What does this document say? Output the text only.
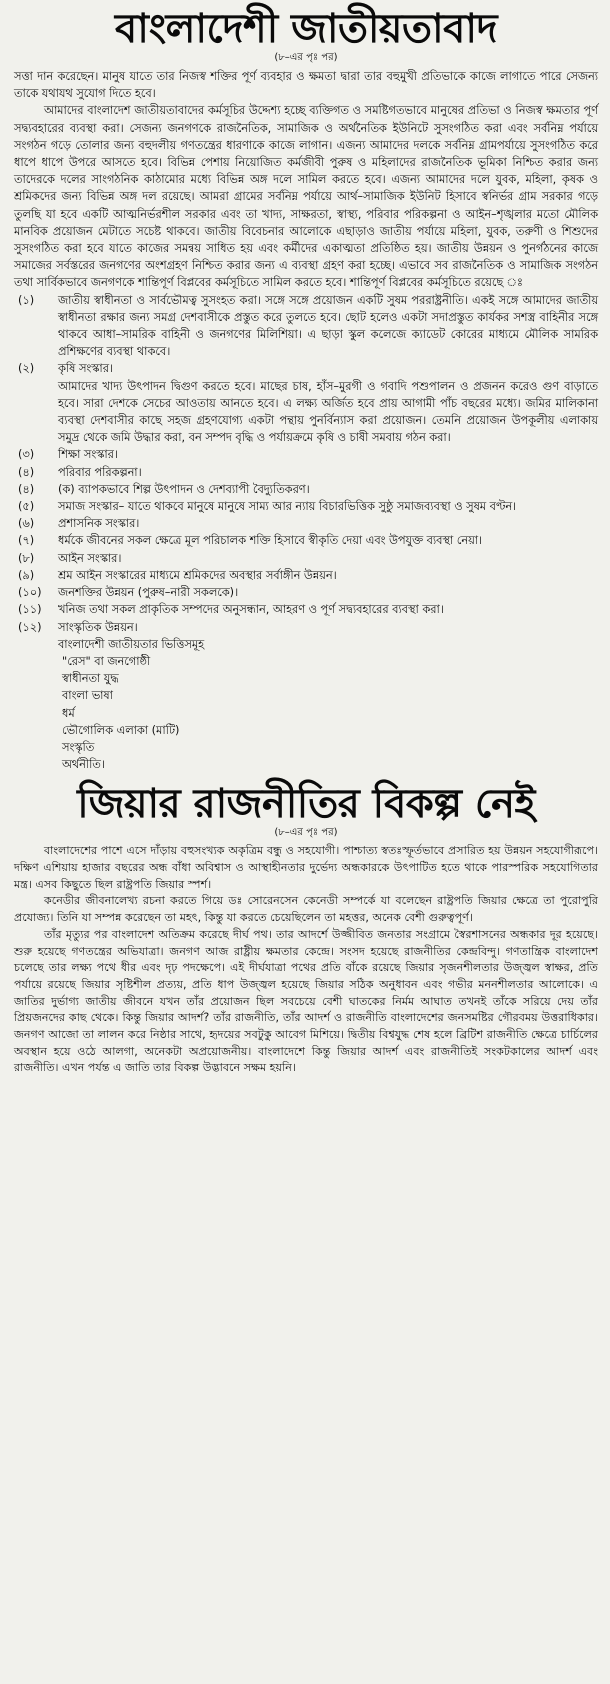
বাংলাদেশী জাতীয়তাবাদ
(৮–এর পৃঃ পর)

সত্তা দান করেছেন। মানুষ যাতে তার নিজস্ব শক্তির পূর্ণ ব্যবহার ও ক্ষমতা দ্বারা তার বহুমুখী প্রতিভাকে কাজে লাগাতে পারে সেজন্য তাকে যথাযথ সুযোগ দিতে হবে।

আমাদের বাংলাদেশ জাতীয়তাবাদের কর্মসূচির উদ্দেশ্য হচ্ছে ব্যক্তিগত ও সমষ্টিগতভাবে মানুষের প্রতিভা ও নিজস্ব ক্ষমতার পূর্ণ সদ্ব্যবহারের ব্যবস্থা করা। সেজন্য জনগণকে রাজনৈতিক, সামাজিক ও অর্থনৈতিক ইউনিটে সুসংগঠিত করা এবং সর্বনিম্ন পর্যায়ে সংগঠন গড়ে তোলার জন্য বহুদলীয় গণতন্ত্রের ধারণাকে কাজে লাগান। এজন্য আমাদের দলকে সর্বনিম্ন গ্রামপর্যায়ে সুসংগঠিত করে ধাপে ধাপে উপরে আসতে হবে। বিভিন্ন পেশায় নিয়োজিত কর্মজীবী পুরুষ ও মহিলাদের রাজনৈতিক ভূমিকা নিশ্চিত করার জন্য তাদেরকে দলের সাংগঠনিক কাঠামোর মধ্যে বিভিন্ন অঙ্গ দলে সামিল করতে হবে। এজন্য আমাদের দলে যুবক, মহিলা, কৃষক ও শ্রমিকদের জন্য বিভিন্ন অঙ্গ দল রয়েছে। আমরা গ্রামের সর্বনিম্ন পর্যায়ে আর্থ–সামাজিক ইউনিট হিসাবে স্বনির্ভর গ্রাম সরকার গড়ে তুলছি যা হবে একটি আত্মনির্ভরশীল সরকার এবং তা খাদ্য, সাক্ষরতা, স্বাস্থ্য, পরিবার পরিকল্পনা ও আইন–শৃঙ্খলার মতো মৌলিক মানবিক প্রয়োজন মেটাতে সচেষ্ট থাকবে। জাতীয় বিবেচনার আলোকে এছাড়াও জাতীয় পর্যায়ে মহিলা, যুবক, তরুণী ও শিশুদের সুসংগঠিত করা হবে যাতে কাজের সমন্বয় সাধিত হয় এবং কর্মীদের একাত্মতা প্রতিষ্ঠিত হয়। জাতীয় উন্নয়ন ও পুনর্গঠনের কাজে সমাজের সর্বস্তরের জনগণের অংশগ্রহণ নিশ্চিত করার জন্য এ ব্যবস্থা গ্রহণ করা হচ্ছে। এভাবে সব রাজনৈতিক ও সামাজিক সংগঠন তথা সার্বিকভাবে জনগণকে শান্তিপূর্ণ বিপ্লবের কর্মসূচিতে সামিল করতে হবে। শান্তিপূর্ণ বিপ্লবের কর্মসূচিতে রয়েছে ঃ

(১)	জাতীয় স্বাধীনতা ও সার্বভৌমত্ব সুসংহত করা। সঙ্গে সঙ্গে প্রয়োজন একটি সুষম পররাষ্ট্রনীতি। একই সঙ্গে আমাদের জাতীয় স্বাধীনতা রক্ষার জন্য সমগ্র দেশবাসীকে প্রস্তুত করে তুলতে হবে। ছোট হলেও একটা সদাপ্রস্তুত কার্যকর সশস্ত্র বাহিনীর সঙ্গে থাকবে আধা–সামরিক বাহিনী ও জনগণের মিলিশিয়া। এ ছাড়া স্কুল কলেজে ক্যাডেট কোরের মাধ্যমে মৌলিক সামরিক প্রশিক্ষণের ব্যবস্থা থাকবে।
(২)	কৃষি সংস্কার।
আমাদের খাদ্য উৎপাদন দ্বিগুণ করতে হবে। মাছের চাষ, হাঁস–মুরগী ও গবাদি পশুপালন ও প্রজনন করেও গুণ বাড়াতে হবে। সারা দেশকে সেচের আওতায় আনতে হবে। এ লক্ষ্য অর্জিত হবে প্রায় আগামী পাঁচ বছরের মধ্যে। জমির মালিকানা ব্যবস্থা দেশবাসীর কাছে সহজ গ্রহণযোগ্য একটা পন্থায় পুনর্বিন্যাস করা প্রয়োজন। তেমনি প্রয়োজন উপকূলীয় এলাকায় সমুদ্র থেকে জমি উদ্ধার করা, বন সম্পদ বৃদ্ধি ও পর্যায়ক্রমে কৃষি ও চাষী সমবায় গঠন করা।
(৩)	শিক্ষা সংস্কার।
(৪)	পরিবার পরিকল্পনা।
(৪)	(ক) ব্যাপকভাবে শিল্প উৎপাদন ও দেশব্যাপী বৈদ্যুতিকরণ।
(৫)	সমাজ সংস্কার– যাতে থাকবে মানুষে মানুষে সাম্য আর ন্যায় বিচারভিত্তিক সুষ্ঠু সমাজব্যবস্থা ও সুষম বণ্টন।
(৬)	প্রশাসনিক সংস্কার।
(৭)	ধর্মকে জীবনের সকল ক্ষেত্রে মূল পরিচালক শক্তি হিসাবে স্বীকৃতি দেয়া এবং উপযুক্ত ব্যবস্থা নেয়া।
(৮)	আইন সংস্কার।
(৯)	শ্রম আইন সংস্কারের মাধ্যমে শ্রমিকদের অবস্থার সর্বাঙ্গীন উন্নয়ন।
(১০)	জনশক্তির উন্নয়ন (পুরুষ–নারী সকলকে)।
(১১)	খনিজ তথা সকল প্রাকৃতিক সম্পদের অনুসন্ধান, আহরণ ও পূর্ণ সদ্ব্যবহারের ব্যবস্থা করা।
(১২)	সাংস্কৃতিক উন্নয়ন।
বাংলাদেশী জাতীয়তার ভিত্তিসমূহ
"রেস" বা জনগোষ্ঠী
স্বাধীনতা যুদ্ধ
বাংলা ভাষা
ধর্ম
ভৌগোলিক এলাকা (মাটি)
সংস্কৃতি
অর্থনীতি।
জিয়ার রাজনীতির বিকল্প নেই
(৮–এর পৃঃ পর)

বাংলাদেশের পাশে এসে দাঁড়ায় বহুসংখ্যক অকৃত্রিম বন্ধু ও সহযোগী। পাশ্চাত্য স্বতঃস্ফূর্তভাবে প্রসারিত হয় উন্নয়ন সহযোগীরূপে। দক্ষিণ এশিয়ায় হাজার বছরের অন্ধ বাঁধা অবিশ্বাস ও আস্থাহীনতার দুর্ভেদ্য অন্ধকারকে উৎপাটিত হতে থাকে পারস্পরিক সহযোগিতার মন্ত্র। এসব কিছুতে ছিল রাষ্ট্রপতি জিয়ার স্পর্শ।

কনেডীর জীবনালেখ্য রচনা করতে গিয়ে ডঃ সোরেনসেন কেনেডী সম্পর্কে যা বলেছেন রাষ্ট্রপতি জিয়ার ক্ষেত্রে তা পুরোপুরি প্রযোজ্য। তিনি যা সম্পন্ন করেছেন তা মহৎ, কিন্তু যা করতে চেয়েছিলেন তা মহত্তর, অনেক বেশী গুরুত্বপূর্ণ।

তাঁর মৃত্যুর পর বাংলাদেশ অতিক্রম করেছে দীর্ঘ পথ। তার আদর্শে উজ্জীবিত জনতার সংগ্রামে স্বৈরশাসনের অন্ধকার দূর হয়েছে। শুরু হয়েছে গণতন্ত্রের অভিযাত্রা। জনগণ আজ রাষ্ট্রীয় ক্ষমতার কেন্দ্রে। সংসদ হয়েছে রাজনীতির কেন্দ্রবিন্দু। গণতান্ত্রিক বাংলাদেশ চলেছে তার লক্ষ্য পথে ধীর এবং দৃঢ় পদক্ষেপে। এই দীর্ঘযাত্রা পথের প্রতি বাঁকে রয়েছে জিয়ার সৃজনশীলতার উজ্জ্বল স্বাক্ষর, প্রতি পর্যায়ে রয়েছে জিয়ার সৃষ্টিশীল প্রত্যয়, প্রতি ধাপ উজ্জ্বল হয়েছে জিয়ার সঠিক অনুধাবন এবং গভীর মননশীলতার আলোকে। এ জাতির দুর্ভাগ্য জাতীয় জীবনে যখন তাঁর প্রয়োজন ছিল সবচেয়ে বেশী ঘাতকের নির্মম আঘাত তখনই তাঁকে সরিয়ে দেয় তাঁর প্রিয়জনদের কাছ থেকে। কিন্তু জিয়ার আদর্শ? তাঁর রাজনীতি, তাঁর আদর্শ ও রাজনীতি বাংলাদেশের জনসমষ্টির গৌরবময় উত্তরাধিকার। জনগণ আজো তা লালন করে নিষ্ঠার সাথে, হৃদয়ের সবটুকু আবেগ মিশিয়ে। দ্বিতীয় বিশ্বযুদ্ধ শেষ হলে ব্রিটিশ রাজনীতি ক্ষেত্রে চার্চিলের অবস্থান হয়ে ওঠে আলগা, অনেকটা অপ্রয়োজনীয়। বাংলাদেশে কিন্তু জিয়ার আদর্শ এবং রাজনীতিই সংকটকালের আদর্শ এবং রাজনীতি। এখন পর্যন্ত এ জাতি তার বিকল্প উদ্ভাবনে সক্ষম হয়নি।
